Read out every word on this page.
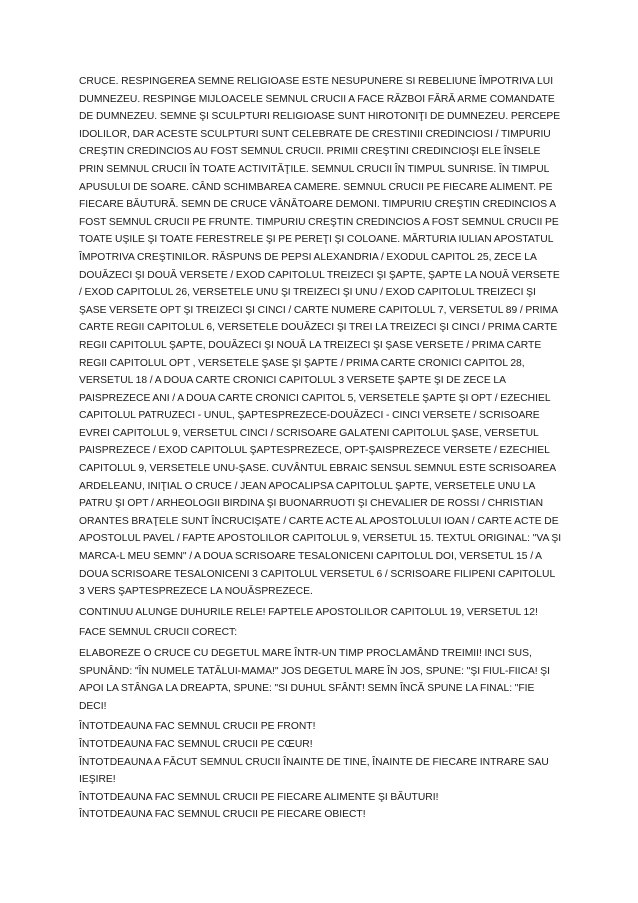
CRUCE. RESPINGEREA SEMNE RELIGIOASE ESTE NESUPUNERE SI REBELIUNE ÎMPOTRIVA LUI DUMNEZEU. RESPINGE MIJLOACELE SEMNUL CRUCII A FACE RĂZBOI FĂRĂ ARME COMANDATE DE DUMNEZEU. SEMNE ŞI SCULPTURI RELIGIOASE SUNT HIROTONIŢI DE DUMNEZEU. PERCEPE IDOLILOR, DAR ACESTE SCULPTURI SUNT CELEBRATE DE CRESTINII CREDINCIOSI / TIMPURIU CREŞTIN CREDINCIOS AU FOST SEMNUL CRUCII. PRIMII CREŞTINI CREDINCIOŞI ELE ÎNSELE PRIN SEMNUL CRUCII ÎN TOATE ACTIVITĂŢILE. SEMNUL CRUCII ÎN TIMPUL SUNRISE. ÎN TIMPUL APUSULUI DE SOARE. CÂND SCHIMBAREA CAMERE. SEMNUL CRUCII PE FIECARE ALIMENT. PE FIECARE BĂUTURĂ. SEMN DE CRUCE VÂNĂTOARE DEMONI. TIMPURIU CREŞTIN CREDINCIOS A FOST SEMNUL CRUCII PE FRUNTE. TIMPURIU CREŞTIN CREDINCIOS A FOST SEMNUL CRUCII PE TOATE UŞILE ŞI TOATE FERESTRELE ŞI PE PEREŢI ŞI COLOANE. MĂRTURIA IULIAN APOSTATUL ÎMPOTRIVA CREŞTINILOR. RĂSPUNS DE PEPSI ALEXANDRIA / EXODUL CAPITOL 25, ZECE LA DOUĂZECI ŞI DOUĂ VERSETE / EXOD CAPITOLUL TREIZECI ŞI ŞAPTE, ŞAPTE LA NOUĂ VERSETE / EXOD CAPITOLUL 26, VERSETELE UNU ŞI TREIZECI ŞI UNU / EXOD CAPITOLUL TREIZECI ŞI ŞASE VERSETE OPT ŞI TREIZECI ŞI CINCI / CARTE NUMERE CAPITOLUL 7, VERSETUL 89 / PRIMA CARTE REGII CAPITOLUL 6, VERSETELE DOUĂZECI ŞI TREI LA TREIZECI ŞI CINCI / PRIMA CARTE REGII CAPITOLUL ŞAPTE, DOUĂZECI ŞI NOUĂ LA TREIZECI ŞI ŞASE VERSETE / PRIMA CARTE REGII CAPITOLUL OPT , VERSETELE ŞASE ŞI ŞAPTE / PRIMA CARTE CRONICI CAPITOL 28, VERSETUL 18 / A DOUA CARTE CRONICI CAPITOLUL 3 VERSETE ŞAPTE ŞI DE ZECE LA PAISPREZECE ANI / A DOUA CARTE CRONICI CAPITOL 5, VERSETELE ŞAPTE ŞI OPT / EZECHIEL CAPITOLUL PATRUZECI - UNUL, ŞAPTESPREZECE-DOUĂZECI - CINCI VERSETE / SCRISOARE EVREI CAPITOLUL 9, VERSETUL CINCI / SCRISOARE GALATENI CAPITOLUL ŞASE, VERSETUL PAISPREZECE / EXOD CAPITOLUL ŞAPTESPREZECE, OPT-ŞAISPREZECE VERSETE / EZECHIEL CAPITOLUL 9, VERSETELE UNU-ŞASE. CUVÂNTUL EBRAIC SENSUL SEMNUL ESTE SCRISOAREA ARDELEANU, INIŢIAL O CRUCE / JEAN APOCALIPSA CAPITOLUL ŞAPTE, VERSETELE UNU LA PATRU ŞI OPT / ARHEOLOGII BIRDINA ŞI BUONARRUOTI ŞI CHEVALIER DE ROSSI / CHRISTIAN ORANTES BRAŢELE SUNT ÎNCRUCIŞATE / CARTE ACTE AL APOSTOLULUI IOAN / CARTE ACTE DE APOSTOLUL PAVEL / FAPTE APOSTOLILOR CAPITOLUL 9, VERSETUL 15. TEXTUL ORIGINAL: "VA ŞI MARCA-L MEU SEMN" / A DOUA SCRISOARE TESALONICENI CAPITOLUL DOI, VERSETUL 15 / A DOUA SCRISOARE TESALONICENI 3 CAPITOLUL VERSETUL 6 / SCRISOARE FILIPENI CAPITOLUL 3 VERS ŞAPTESPREZECE LA NOUĂSPREZECE.

CONTINUU ALUNGE DUHURILE RELE! FAPTELE APOSTOLILOR CAPITOLUL 19, VERSETUL 12!

FACE SEMNUL CRUCII CORECT:

ELABOREZE O CRUCE CU DEGETUL MARE ÎNTR-UN TIMP PROCLAMÂND TREIMII! INCI SUS, SPUNÂND: "ÎN NUMELE TATĂLUI-MAMA!" JOS DEGETUL MARE ÎN JOS, SPUNE: "ŞI FIUL-FIICA! ŞI APOI LA STÂNGA LA DREAPTA, SPUNE: "SI DUHUL SFÂNT! SEMN ÎNCĂ SPUNE LA FINAL: "FIE DECI!

ÎNTOTDEAUNA FAC SEMNUL CRUCII PE FRONT!
ÎNTOTDEAUNA FAC SEMNUL CRUCII PE CŒUR!
ÎNTOTDEAUNA A FĂCUT SEMNUL CRUCII ÎNAINTE DE TINE, ÎNAINTE DE FIECARE INTRARE SAU IEŞIRE!
ÎNTOTDEAUNA FAC SEMNUL CRUCII PE FIECARE ALIMENTE ŞI BĂUTURI!
ÎNTOTDEAUNA FAC SEMNUL CRUCII PE FIECARE OBIECT!
